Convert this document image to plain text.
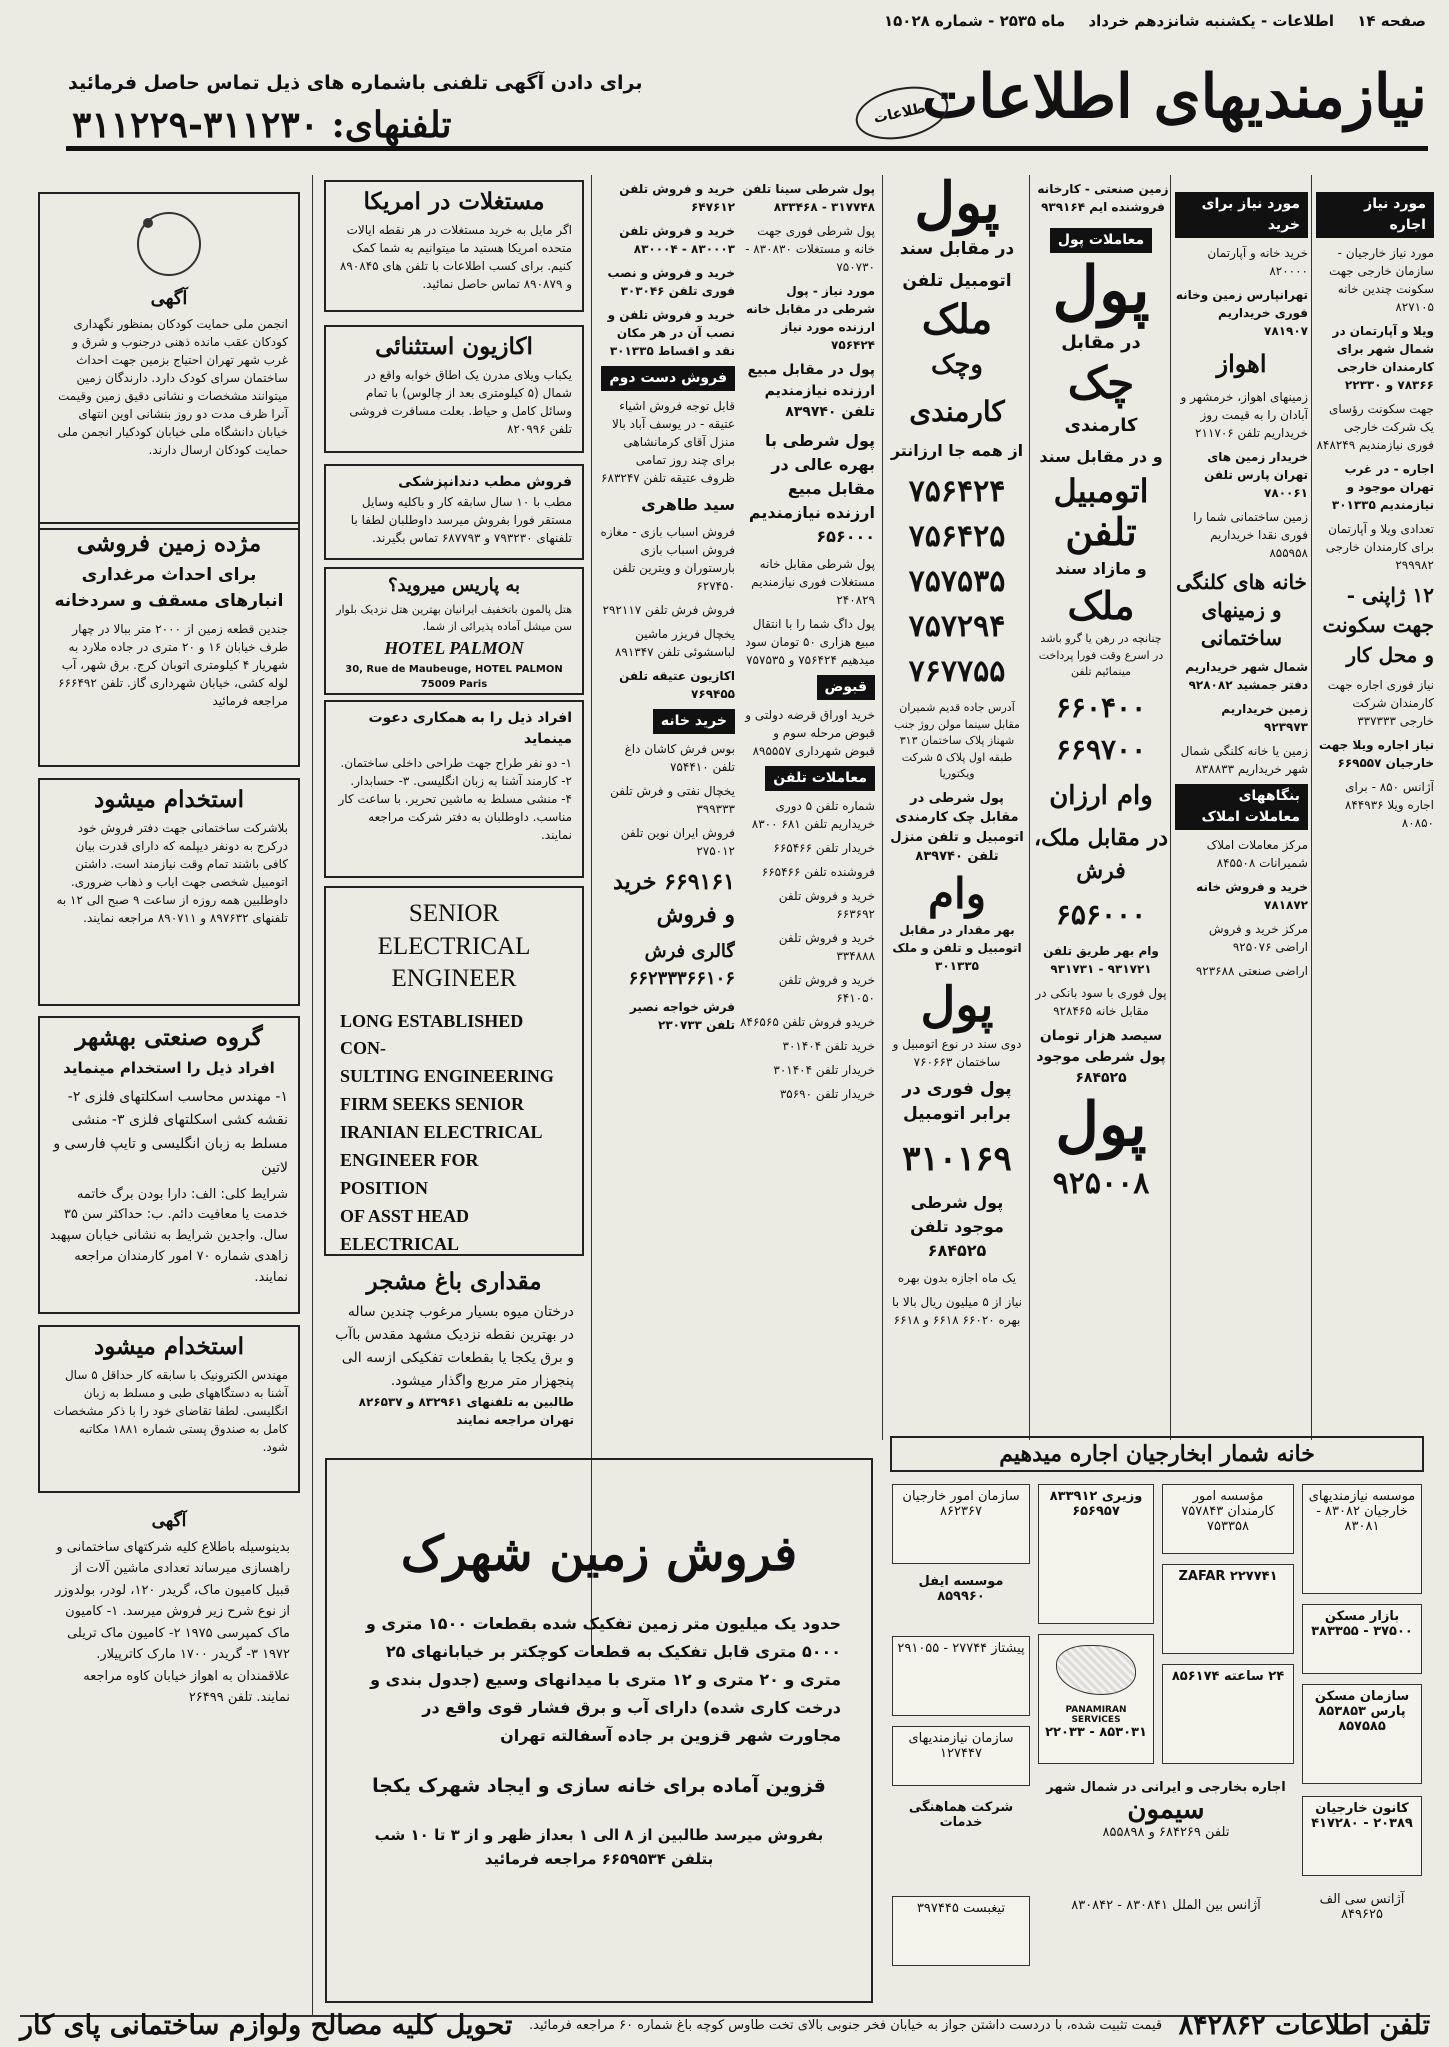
صفحه ۱۴ اطلاعات - یکشنبه شانزدهم خرداد ماه ۲۵۳۵ - شماره ۱۵۰۲۸
نیازمندیهای اطلاعات
اطلاعات
برای دادن آگهی تلفنی باشماره های ذیل تماس حاصل فرمائید
تلفنهای: ۳۱۱۲۳۰-۳۱۱۲۲۹
آگهی

انجمن ملی حمایت کودکان بمنظور نگهداری کودکان عقب مانده ذهنی درجنوب و شرق و غرب شهر تهران احتیاج بزمین جهت احداث ساختمان سرای کودک دارد. دارندگان زمین میتوانند مشخصات و نشانی دقیق زمین وقیمت آنرا ظرف مدت دو روز بنشانی اوین انتهای خیابان دانشگاه ملی خیابان کودکیار انجمن ملی حمایت کودکان ارسال دارند.

مژده زمین فروشی

برای احداث مرغداری انبارهای مسقف و سردخانه

جندین قطعه زمین از ۲۰۰۰ متر ببالا در چهار طرف خیابان ۱۶ و ۲۰ متری در جاده ملارد به شهریار ۴ کیلومتری اتوبان کرج. برق شهر، آب لوله کشی، خیابان شهرداری گاز. تلفن ۶۶۶۴۹۲ مراجعه فرمائید

استخدام میشود

بلاشرکت ساختمانی جهت دفتر فروش خود درکرج به دونفر دیپلمه که دارای قدرت بیان کافی باشند تمام وقت نیازمند است. داشتن اتومبیل شخصی جهت ایاب و ذهاب ضروری. داوطلبین همه روزه از ساعت ۹ صبح الی ۱۲ به تلفنهای ۸۹۷۶۳۲ و ۸۹۰۷۱۱ مراجعه نمایند.

گروه صنعتی بهشهر

افراد ذیل را استخدام مینماید

۱- مهندس محاسب اسکلتهای فلزی ۲- نقشه کشی اسکلتهای فلزی ۳- منشی مسلط به زبان انگلیسی و تایپ فارسی و لاتین

شرایط کلی: الف: دارا بودن برگ خاتمه خدمت یا معافیت دائم. ب: حداکثر سن ۳۵ سال. واجدین شرایط به نشانی خیابان سپهبد زاهدی شماره ۷۰ امور کارمندان مراجعه نمایند.

استخدام میشود

مهندس الکترونیک با سابقه کار حداقل ۵ سال آشنا به دستگاههای طبی و مسلط به زبان انگلیسی. لطفا تقاضای خود را با ذکر مشخصات کامل به صندوق پستی شماره ۱۸۸۱ مکاتبه شود.

آگهی

بدینوسیله باطلاع کلیه شرکتهای ساختمانی و راهسازی میرساند تعدادی ماشین آلات از قبیل کامیون ماک، گریدر ۱۲۰، لودر، بولدوزر از نوع شرح زیر فروش میرسد. ۱- کامیون ماک کمپرسی ۱۹۷۵ ۲- کامیون ماک تریلی ۱۹۷۲ ۳- گریدر ۱۷۰۰ مارک کاترپیلار. علاقمندان به اهواز خیابان کاوه مراجعه نمایند. تلفن ۲۶۴۹۹

مستغلات در امریکا

اگر مایل به خرید مستغلات در هر نقطه ایالات متحده امریکا هستید ما میتوانیم به شما کمک کنیم. برای کسب اطلاعات با تلفن های ۸۹۰۸۴۵ و ۸۹۰۸۷۹ تماس حاصل نمائید.

اکازیون استثنائی

یکباب ویلای مدرن یک اطاق خوابه واقع در شمال (۵ کیلومتری بعد از چالوس) با تمام وسائل کامل و حیاط. بعلت مسافرت فروشی تلفن ۸۲۰۹۹۶

فروش مطب دندانپزشکی

مطب با ۱۰ سال سابقه کار و باکلیه وسایل مستقر فورا بفروش میرسد داوطلبان لطفا با تلفنهای ۷۹۳۲۳۰ و ۶۸۷۷۹۳ تماس بگیرند.

به پاریس میروید؟

هتل پالمون باتخفیف ایرانیان بهترین هتل نزدیک بلوار سن میشل آماده پذیرائی از شما.

HOTEL PALMON

30, Rue de Maubeuge, HOTEL PALMON 75009 Paris

افراد ذیل را به همکاری دعوت مینماید

۱- دو نفر طراح جهت طراحی داخلی ساختمان. ۲- کارمند آشنا به زبان انگلیسی. ۳- حسابدار. ۴- منشی مسلط به ماشین تحریر. با ساعت کار مناسب. داوطلبان به دفتر شرکت مراجعه نمایند.

SENIOR
ELECTRICAL
ENGINEER
LONG ESTABLISHED CON-
SULTING ENGINEERING
FIRM SEEKS SENIOR
IRANIAN ELECTRICAL
ENGINEER FOR POSITION
OF ASST HEAD ELECTRICAL
مقداری باغ مشجر

درختان میوه بسیار مرغوب چندین ساله در بهترین نقطه نزدیک مشهد مقدس باآب و برق یکجا یا بقطعات تفکیکی ازسه الی پنجهزار متر مربع واگذار میشود.

طالبین به تلفنهای ۸۳۲۹۶۱ و ۸۲۶۵۳۷ تهران مراجعه نمایند

فروش زمین شهرک

حدود یک میلیون متر زمین تفکیک شده بقطعات ۱۵۰۰ متری و ۵۰۰۰ متری قابل تفکیک به قطعات کوچکتر بر خیابانهای ۲۵ متری و ۲۰ متری و ۱۲ متری با میدانهای وسیع (جدول بندی و درخت کاری شده) دارای آب و برق فشار قوی واقع در مجاورت شهر قزوین بر جاده آسفالته تهران

قزوین آماده برای خانه سازی و ایجاد شهرک یکجا

بفروش میرسد طالبین از ۸ الی ۱ بعداز ظهر و از ۳ تا ۱۰ شب بتلفن ۶۶۵۹۵۳۴ مراجعه فرمائید

خرید و فروش تلفن ۶۴۷۶۱۲
خرید و فروش تلفن ۸۳۰۰۰۳ - ۸۳۰۰۰۴
خرید و فروش و نصب فوری تلفن ۳۰۳۰۴۶
خرید و فروش تلفن و نصب آن در هر مکان نقد و اقساط ۳۰۱۳۳۵
فروش دست دوم
قابل توجه فروش اشیاء عتیقه - در یوسف آباد بالا منزل آقای کرمانشاهی برای چند روز تمامی ظروف عتیقه تلفن ۶۸۳۲۴۷
سید طاهری
فروش اسباب بازی - مغازه فروش اسباب بازی بارستوران و ویترین تلفن ۶۲۷۴۵۰
فروش فرش تلفن ۲۹۲۱۱۷
یخچال فریزر ماشین لباسشوئی تلفن ۸۹۱۳۴۷
اکازیون عتیقه تلفن ۷۶۹۴۵۵
خرید خانه
بوس فرش کاشان داغ تلفن ۷۵۴۴۱۰
یخچال نفتی و فرش تلفن ۳۹۹۳۳۳
فروش ایران نوین تلفن ۲۷۵۰۱۲
۶۶۹۱۶۱ خرید و فروش
گالری فرش ۶۶۲۳۳۳۶۶۱۰۶
فرش خواجه نصیر تلفن ۲۳۰۷۳۳
پول شرطی سینا تلفن ۳۱۷۷۴۸ - ۸۳۳۴۶۸
پول شرطی فوری جهت خانه و مستغلات ۸۳۰۸۳۰ - ۷۵۰۷۳۰
مورد نیاز - پول شرطی در مقابل خانه ارزنده مورد نیاز ۷۵۶۴۲۴
پول در مقابل مبیع ارزنده نیازمندیم تلفن ۸۳۹۷۴۰
پول شرطی با بهره عالی در مقابل مبیع ارزنده نیازمندیم ۶۵۶۰۰۰
پول شرطی مقابل خانه مستغلات فوری نیازمندیم ۲۴۰۸۲۹
پول داگ شما را با انتقال مبیع هزاری ۵۰ تومان سود میدهیم ۷۵۶۴۲۴ و ۷۵۷۵۳۵
قبوض
خرید اوراق قرضه دولتی و قبوض مرحله سوم و قبوض شهرداری ۸۹۵۵۵۷
معاملات تلفن
شماره تلفن ۵ دوری خریداریم تلفن ۶۸۱ ۸۳۰۰
خریدار تلفن ۶۶۵۴۶۶
فروشنده تلفن ۶۶۵۴۶۶
خرید و فروش تلفن ۶۶۳۶۹۲
خرید و فروش تلفن ۳۳۴۸۸۸
خرید و فروش تلفن ۶۴۱۰۵۰
خریدو فروش تلفن ۸۴۶۵۶۵
خرید تلفن ۳۰۱۴۰۴
خریدار تلفن ۳۰۱۴۰۴
خریدار تلفن ۳۵۶۹۰
پول
در مقابل سند
اتومبیل تلفن
ملک
وچک
کارمندی
از همه جا ارزانتر
۷۵۶۴۲۴
۷۵۶۴۲۵
۷۵۷۵۳۵
۷۵۷۲۹۴
۷۶۷۷۵۵
آدرس جاده قدیم شمیران مقابل سینما مولن روژ جنب شهناز پلاک ساختمان ۳۱۳ طبقه اول پلاک ۵ شرکت ویکتوریا
پول شرطی در مقابل چک کارمندی اتومبیل و تلفن منزل تلفن ۸۳۹۷۴۰
وام
بهر مقدار در مقابل اتومبیل و تلفن و ملک ۳۰۱۳۳۵
پول
دوی سند در نوع اتومبیل و ساختمان ۷۶۰۶۶۳
پول فوری در برابر اتومبیل
۳۱۰۱۶۹
پول شرطی موجود تلفن ۶۸۴۵۲۵
یک ماه اجازه بدون بهره
نیاز از ۵ میلیون ریال بالا با بهره ۶۶۰۲۰ ۶۶۱۸ و ۶۶۱۸
معاملات پول
پول
در مقابل
چک
کارمندی
و در مقابل سند
اتومبیل
تلفن
و مازاد سند
ملک
چنانچه در رهن یا گرو باشد در اسرع وقت فورا پرداخت مینمائیم تلفن
۶۶۰۴۰۰
۶۶۹۷۰۰
وام ارزان
در مقابل ملک، فرش
۶۵۶۰۰۰
وام بهر طریق تلفن ۹۳۱۷۲۱ - ۹۳۱۷۳۱
پول فوری با سود بانکی در مقابل خانه ۹۲۸۴۶۵
سیصد هزار تومان پول شرطی موجود ۶۸۴۵۲۵
پول
۹۲۵۰۰۸
زمین صنعتی - کارخانه فروشنده ایم ۹۳۹۱۶۴	مورد نیاز برای خرید
خرید خانه و آپارتمان ۸۲۰۰۰۰
تهرانپارس زمین وخانه فوری خریداریم ۷۸۱۹۰۷
اهواز
زمینهای اهواز، خرمشهر و آبادان را به قیمت روز خریداریم تلفن ۲۱۱۷۰۶
خریدار زمین های تهران پارس تلفن ۷۸۰۰۶۱
زمین ساختمانی شما را فوری نقدا خریداریم ۸۵۵۹۵۸
خانه های کلنگی و زمینهای ساختمانی
شمال شهر خریداریم دفتر جمشید ۹۲۸۰۸۲
زمین خریداریم ۹۲۳۹۷۳
زمین یا خانه کلنگی شمال شهر خریداریم ۸۳۸۸۳۳
بنگاههای معاملات املاک
مرکز معاملات املاک شمیرانات ۸۴۵۵۰۸
خرید و فروش خانه ۷۸۱۸۷۲
مرکز خرید و فروش اراضی ۹۲۵۰۷۶
اراضی صنعتی ۹۲۳۶۸۸
مورد نیاز اجاره
مورد نیاز خارجیان - سازمان خارجی جهت سکونت چندین خانه ۸۲۷۱۰۵
ویلا و آپارتمان در شمال شهر برای کارمندان خارجی ۷۸۳۶۶ و ۲۲۳۳۰
جهت سکونت رؤسای یک شرکت خارجی فوری نیازمندیم ۸۴۸۲۴۹
اجاره - در غرب تهران موجود و نیازمندیم ۳۰۱۳۳۵
تعدادی ویلا و آپارتمان برای کارمندان خارجی ۲۹۹۹۸۲
۱۲ ژاپنی - جهت سکونت و محل کار
نیاز فوری اجاره جهت کارمندان شرکت خارجی ۳۳۷۳۳۳
نیاز اجاره ویلا جهت خارجیان ۶۶۹۵۵۷
آژانس ۸۵۰ - برای اجاره ویلا ۸۴۴۹۳۶ ۸۰۸۵۰
خانه شمار ابخارجیان اجاره میدهیم
موسسه نیازمندیهای خارجیان ۸۳۰۸۲ - ۸۳۰۸۱
مؤسسه امور کارمندان ۷۵۷۸۴۳ ۷۵۳۳۵۸
وزیری ۸۳۳۹۱۲ ۶۵۶۹۵۷
سازمان امور خارجیان ۸۶۲۳۶۷
موسسه ایفل ۸۵۹۹۶۰
ZAFAR ۲۲۷۷۴۱
بازار مسکن ۳۷۵۰۰ - ۳۸۳۳۵۵
پیشتاز ۲۷۷۴۴ - ۲۹۱۰۵۵
PANAMIRAN SERVICES
۸۵۳۰۳۱ - ۲۲۰۳۳
۲۴ ساعته ۸۵۶۱۷۴
سازمان مسکن پارس ۸۵۳۸۵۳ ۸۵۷۵۸۵
سازمان نیازمندیهای ۱۲۷۴۴۷
اجاره بخارجی و ایرانی در شمال شهر
سیمون
تلفن ۶۸۴۲۶۹ و ۸۵۵۸۹۸
آژانس بین الملل ۸۳۰۸۴۱ - ۸۳۰۸۴۲
کانون خارجیان ۲۰۳۸۹ - ۴۱۷۲۸۰
شرکت هماهنگی خدمات
تیغبست ۳۹۷۴۴۵
آژانس سی الف ۸۴۹۶۲۵
تلفن اطلاعات ۸۴۲۸۶۲
قیمت تثبیت شده، با دردست داشتن جواز به خیابان فخر جنوبی بالای تخت طاوس کوچه باغ شماره ۶۰ مراجعه فرمائید.
تحویل کلیه مصالح ولوازم ساختمانی پای کار
